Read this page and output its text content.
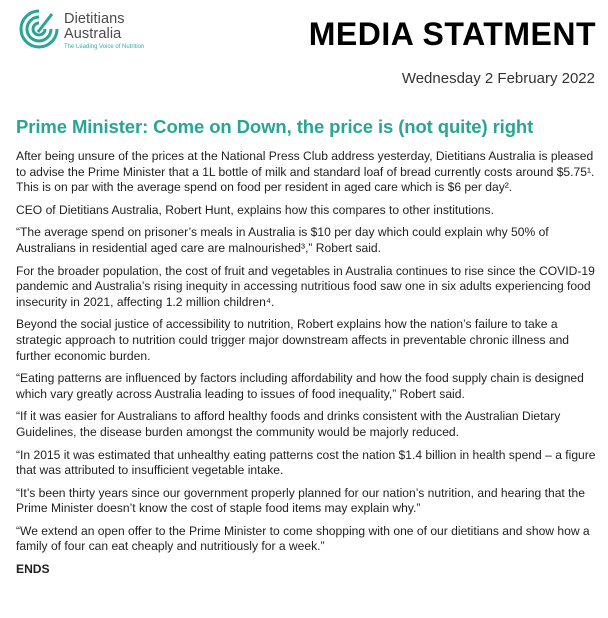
Dietitians
Australia
The Leading Voice of Nutrition	MEDIA STATMENT
Wednesday 2 February 2022
Prime Minister: Come on Down, the price is (not quite) right

After being unsure of the prices at the National Press Club address yesterday, Dietitians Australia is pleased to advise the Prime Minister that a 1L bottle of milk and standard loaf of bread currently costs around $5.75¹. This is on par with the average spend on food per resident in aged care which is $6 per day².

CEO of Dietitians Australia, Robert Hunt, explains how this compares to other institutions.

“The average spend on prisoner’s meals in Australia is $10 per day which could explain why 50% of Australians in residential aged care are malnourished³,” Robert said.

For the broader population, the cost of fruit and vegetables in Australia continues to rise since the COVID-19 pandemic and Australia’s rising inequity in accessing nutritious food saw one in six adults experiencing food insecurity in 2021, affecting 1.2 million children⁴.

Beyond the social justice of accessibility to nutrition, Robert explains how the nation’s failure to take a strategic approach to nutrition could trigger major downstream affects in preventable chronic illness and further economic burden.

“Eating patterns are influenced by factors including affordability and how the food supply chain is designed which vary greatly across Australia leading to issues of food inequality,” Robert said.

“If it was easier for Australians to afford healthy foods and drinks consistent with the Australian Dietary Guidelines, the disease burden amongst the community would be majorly reduced.

“In 2015 it was estimated that unhealthy eating patterns cost the nation $1.4 billion in health spend – a figure that was attributed to insufficient vegetable intake.

“It’s been thirty years since our government properly planned for our nation’s nutrition, and hearing that the Prime Minister doesn’t know the cost of staple food items may explain why.”

“We extend an open offer to the Prime Minister to come shopping with one of our dietitians and show how a family of four can eat cheaply and nutritiously for a week.”

ENDS
